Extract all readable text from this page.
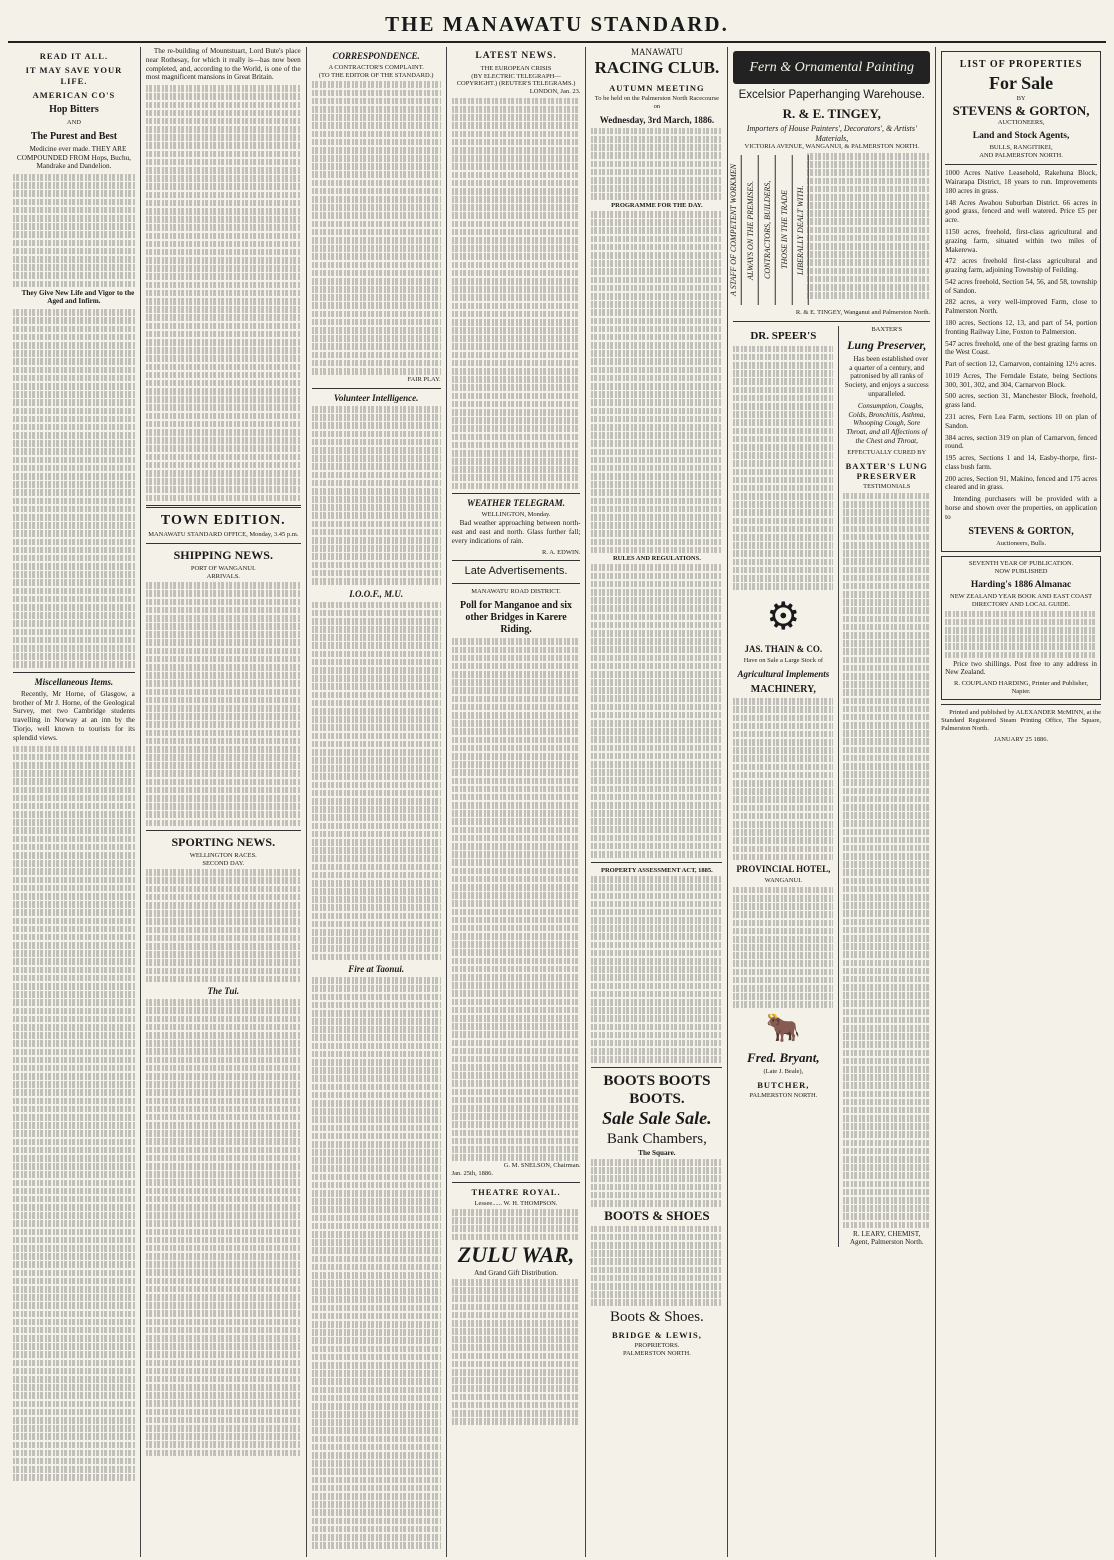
THE MANAWATU STANDARD.
READ IT ALL.
IT MAY SAVE YOUR LIFE.
AMERICAN CO'S
Hop Bitters
AND
The Purest and Best

Medicine ever made. THEY ARE COMPOUNDED FROM Hops, Buchu, Mandrake and Dandelion.

They Give New Life and Vigor to the Aged and Infirm.

Miscellaneous Items.

Recently, Mr Horne, of Glasgow, a brother of Mr J. Horne, of the Geological Survey, met two Cambridge students travelling in Norway at an inn by the Tiorjo, well known to tourists for its splendid views.

The re-building of Mountstuart, Lord Bute's place near Rothesay, for which it really is—has now been completed, and, according to the World, is one of the most magnificent mansions in Great Britain.

TOWN EDITION.
MANAWATU STANDARD OFFICE, Monday, 3.45 p.m.
SHIPPING NEWS.
PORT OF WANGANUI.
ARRIVALS.
SPORTING NEWS.
WELLINGTON RACES.
SECOND DAY.
The Tui.
CORRESPONDENCE.
A CONTRACTOR'S COMPLAINT.
(TO THE EDITOR OF THE STANDARD.)
FAIR PLAY.
Volunteer Intelligence.
I.O.O.F., M.U.
Fire at Taonui.
LATEST NEWS.
THE EUROPEAN CRISIS
(BY ELECTRIC TELEGRAPH—COPYRIGHT.) (REUTER'S TELEGRAMS.)
LONDON, Jan. 23.
WEATHER TELEGRAM.
WELLINGTON, Monday.

Bad weather approaching between north-east and east and north. Glass further fall; every indications of rain.

R. A. EDWIN.
Late Advertisements.
MANAWATU ROAD DISTRICT.
Poll for Manganoe and six other Bridges in Karere Riding.
G. M. SNELSON, Chairman.
Jan. 25th, 1886.
THEATRE ROYAL.
Lessee...... W. H. THOMPSON.
ZULU WAR,
And Grand Gift Distribution.
MANAWATU
RACING CLUB.
AUTUMN MEETING
To be held on the Palmerston North Racecourse on
Wednesday, 3rd March, 1886.
PROGRAMME FOR THE DAY.
RULES AND REGULATIONS.
PROPERTY ASSESSMENT ACT, 1885.
BOOTS BOOTS
BOOTS.
Sale Sale Sale.
Bank Chambers,
The Square.
BOOTS & SHOES
Boots & Shoes.
BRIDGE & LEWIS,
PROPRIETORS.
PALMERSTON NORTH.
Fern & Ornamental Painting
Excelsior Paperhanging Warehouse.
R. & E. TINGEY,
Importers of House Painters', Decorators', & Artists' Materials,
VICTORIA AVENUE, WANGANUI, & PALMERSTON NORTH.
A STAFF OF COMPETENT WORKMEN ALWAYS ON THE PREMISES. CONTRACTORS, BUILDERS, THOSE IN THE TRADE LIBERALLY DEALT WITH.
R. & E. TINGEY, Wanganui and Palmerston North.
DR. SPEER'S
⚙
JAS. THAIN & CO.
Have on Sale a Large Stock of
Agricultural Implements
MACHINERY,
PROVINCIAL HOTEL,
WANGANUI.
🐂
Fred. Bryant,
(Late J. Beale),
BUTCHER,
PALMERSTON NORTH.
BAXTER'S
Lung Preserver,

Has been established over a quarter of a century, and patronised by all ranks of Society, and enjoys a success unparalleled.

Consumption, Coughs, Colds, Bronchitis, Asthma, Whooping Cough, Sore Throat, and all Affections of the Chest and Throat,

EFFECTUALLY CURED BY
BAXTER'S LUNG PRESERVER
TESTIMONIALS
R. LEARY, CHEMIST, Agent, Palmerston North.
LIST OF PROPERTIES
For Sale
BY
STEVENS & GORTON,
AUCTIONEERS,
Land and Stock Agents,
BULLS, RANGITIKEI,
AND PALMERSTON NORTH.

1000 Acres Native Leasehold, Rakehuna Block, Wairarapa District, 18 years to run. Improvements 180 acres in grass.

148 Acres Awahou Suburban District. 66 acres in good grass, fenced and well watered. Price £5 per acre.

1150 acres, freehold, first-class agricultural and grazing farm, situated within two miles of Makerewa.

472 acres freehold first-class agricultural and grazing farm, adjoining Township of Feilding.

542 acres freehold, Section 54, 56, and 58, township of Sandon.

282 acres, a very well-improved Farm, close to Palmerston North.

180 acres, Sections 12, 13, and part of 54, portion fronting Railway Line, Foxton to Palmerston.

547 acres freehold, one of the best grazing farms on the West Coast.

Part of section 12, Carnarvon, containing 12½ acres.

1019 Acres, The Ferndale Estate, being Sections 300, 301, 302, and 304, Carnarvon Block.

500 acres, section 31, Manchester Block, freehold, grass land.

231 acres, Fern Lea Farm, sections 10 on plan of Sandon.

384 acres, section 319 on plan of Carnarvon, fenced round.

195 acres, Sections 1 and 14, Easby-thorpe, first-class bush farm.

200 acres, Section 91, Makino, fenced and 175 acres cleared and in grass.

Intending purchasers will be provided with a horse and shown over the properties, on application to

STEVENS & GORTON,
Auctioneers, Bulls.
SEVENTH YEAR OF PUBLICATION.
NOW PUBLISHED
Harding's 1886 Almanac
NEW ZEALAND YEAR BOOK AND EAST COAST DIRECTORY AND LOCAL GUIDE.

Price two shillings. Post free to any address in New Zealand.

R. COUPLAND HARDING, Printer and Publisher, Napier.

Printed and published by ALEXANDER McMINN, at the Standard Registered Steam Printing Office, The Square, Palmerston North.

JANUARY 25 1886.
